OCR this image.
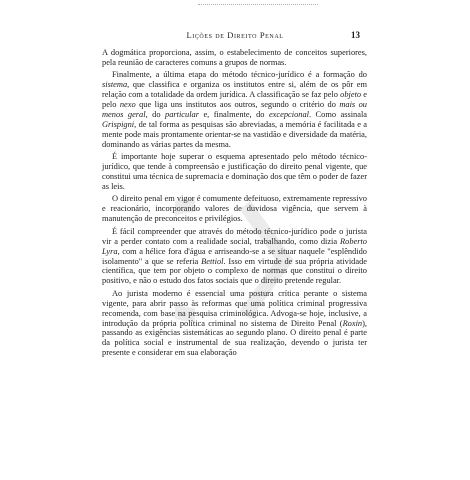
Lições de Direito Penal	13

A dogmática proporciona, assim, o estabelecimento de conceitos superiores, pela reunião de caracteres comuns a grupos de normas.

Finalmente, a última etapa do método técnico-jurídico é a formação do sistema, que classifica e organiza os institutos entre si, além de os pôr em relação com a totalidade da ordem jurídica. A classificação se faz pelo objeto e pelo nexo que liga uns institutos aos outros, segundo o critério do mais ou menos geral, do particular e, finalmente, do excepcional. Como assinala Grispigni, de tal forma as pesquisas são abreviadas, a memória é facilitada e a mente pode mais prontamente orientar-se na vastidão e diversidade da matéria, dominando as várias partes da mesma.

É importante hoje superar o esquema apresentado pelo método técnico-jurídico, que tende à compreensão e justificação do direito penal vigente, que constitui uma técnica de supremacia e dominação dos que têm o poder de fazer as leis.

O direito penal em vigor é comumente defeituoso, extremamente repressivo e reacionário, incorporando valores de duvidosa vigência, que servem à manutenção de preconceitos e privilégios.

É fácil compreender que através do método técnico-jurídico pode o jurista vir a perder contato com a realidade social, trabalhando, como dizia Roberto Lyra, com a hélice fora d'água e arriseando-se a se situar naquele "esplêndido isolamento" a que se referia Bettiol. Isso em virtude de sua própria atividade científica, que tem por objeto o complexo de normas que constitui o direito positivo, e não o estudo dos fatos sociais que o direito pretende regular.

Ao jurista moderno é essencial uma postura crítica perante o sistema vigente, para abrir passo às reformas que uma política criminal progressiva recomenda, com base na pesquisa criminológica. Advoga-se hoje, inclusive, a introdução da própria política criminal no sistema de Direito Penal (Roxin), passando as exigências sistemáticas ao segundo plano. O direito penal é parte da política social e instrumental de sua realização, devendo o jurista ter presente e considerar em sua elaboração
